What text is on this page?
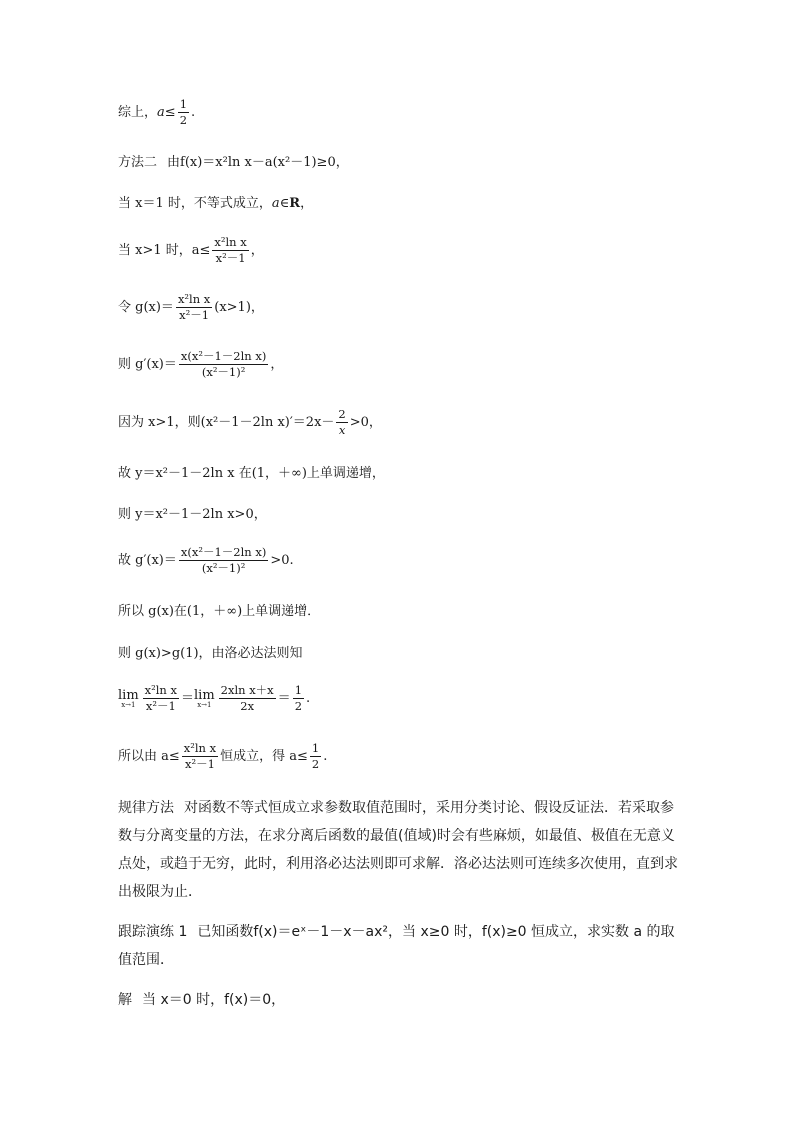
综上， $a \le \frac{1}{2}$ .
方法二 由f(x)＝x²ln x－a(x²－1)≥0，
当 x＝1 时，不等式成立， a∈ R ，
当 x>1 时，$a\le \frac{\text{x²ln x}}{\text{x²－1}}$ ，
令 $g(x)= \frac{\text{x²ln x}}{\text{x²－1}} (x>1)$，
则 $g'(x)= \frac{\text{x(x²－1－2ln x)}}{\text{(x²－1)²}}$ ，
因为 x>1，则(x²－1－2ln $x)'=2x- \frac{2}{x} >0$，
故 y＝x²－1－2ln x 在(1，＋∞)上单调递增，
则 y＝x²－1－2ln x>0，
故 $g'(x)= \frac{\text{x(x²－1－2ln x)}}{\text{(x²－1)²}} >0$.
所以 g(x)在(1，＋∞)上单调递增．
则 g(x)>g(1)，由洛必达法则知
lim
$x\to 1 \frac{\text{x²ln x}}{\text{x²－1}} = \lim$
$x\to 1 \frac{\text{2xln x＋x}}{2x} = \frac{1}{2}$ .
所以由 $a\le \frac{\text{x²ln x}}{\text{x²－1}}$ 恒成立，得 $a\le \frac{1}{2}$ .
规律方法 对函数不等式恒成立求参数取值范围时，采用分类讨论、假设反证法．若采取参数与分离变量的方法，在求分离后函数的最值(值域)时会有些麻烦，如最值、极值在无意义点处，或趋于无穷，此时，利用洛必达法则即可求解．洛必达法则可连续多次使用，直到求出极限为止．
跟踪演练 1 已知函数f(x)＝eˣ－1－x－ax²，当 x≥0 时，f(x)≥0 恒成立，求实数 a 的取值范围．
解 当 x＝0 时，f(x)＝0，
